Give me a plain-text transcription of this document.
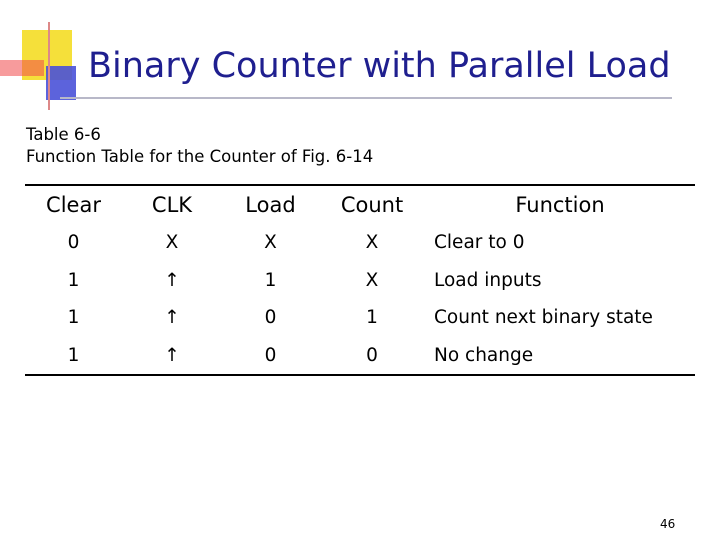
Binary Counter with Parallel Load
Table 6-6
Function Table for the Counter of Fig. 6-14
Clear	CLK	Load	Count	Function
0	X	X	X	Clear to 0
1	↑	1	X	Load inputs
1	↑	0	1	Count next binary state
1	↑	0	0	No change
46
